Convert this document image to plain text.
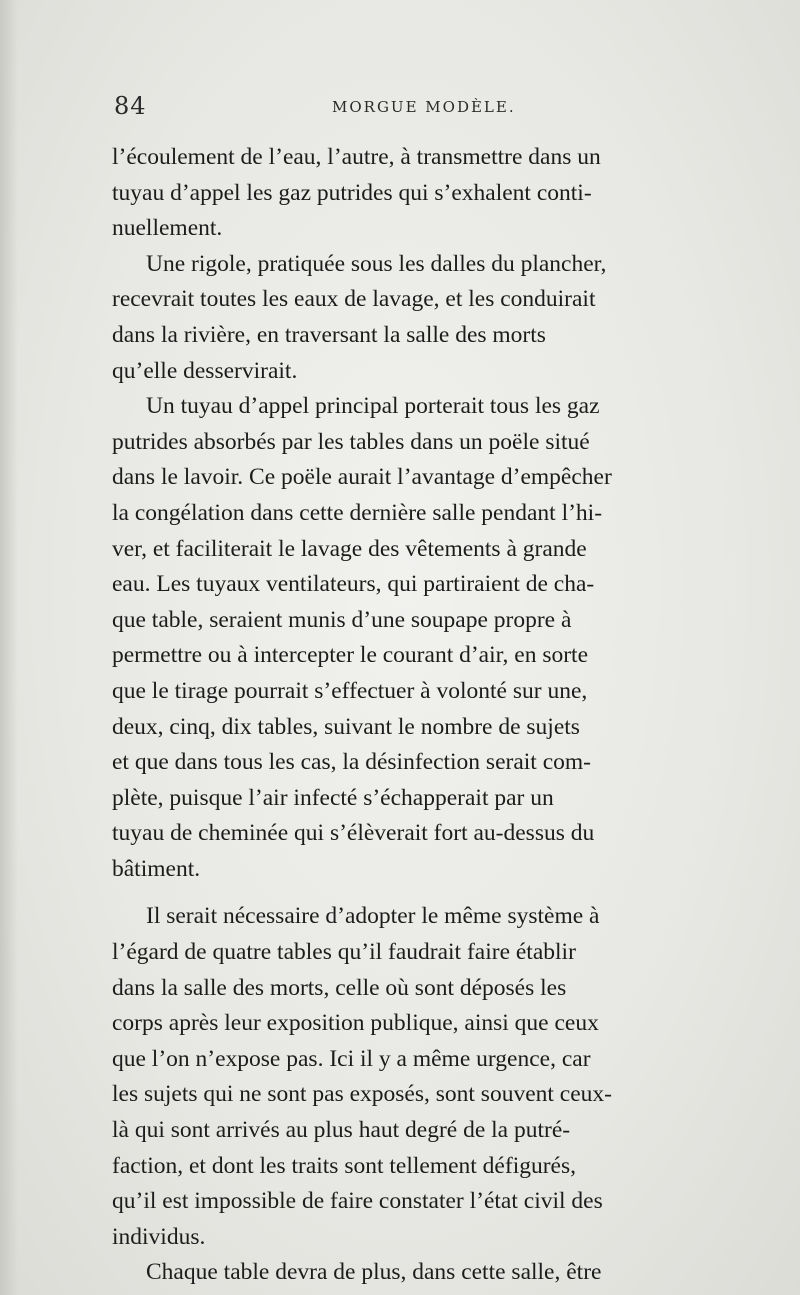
84	MORGUE MODÈLE.

l’écoulement de l’eau, l’autre, à transmettre dans un
tuyau d’appel les gaz putrides qui s’exhalent conti-
nuellement.

Une rigole, pratiquée sous les dalles du plancher,
recevrait toutes les eaux de lavage, et les conduirait
dans la rivière, en traversant la salle des morts
qu’elle desservirait.

Un tuyau d’appel principal porterait tous les gaz
putrides absorbés par les tables dans un poële situé
dans le lavoir. Ce poële aurait l’avantage d’empêcher
la congélation dans cette dernière salle pendant l’hi-
ver, et faciliterait le lavage des vêtements à grande
eau. Les tuyaux ventilateurs, qui partiraient de cha-
que table, seraient munis d’une soupape propre à
permettre ou à intercepter le courant d’air, en sorte
que le tirage pourrait s’effectuer à volonté sur une,
deux, cinq, dix tables, suivant le nombre de sujets
et que dans tous les cas, la désinfection serait com-
plète, puisque l’air infecté s’échapperait par un
tuyau de cheminée qui s’élèverait fort au-dessus du
bâtiment.

Il serait nécessaire d’adopter le même système à
l’égard de quatre tables qu’il faudrait faire établir
dans la salle des morts, celle où sont déposés les
corps après leur exposition publique, ainsi que ceux
que l’on n’expose pas. Ici il y a même urgence, car
les sujets qui ne sont pas exposés, sont souvent ceux-
là qui sont arrivés au plus haut degré de la putré-
faction, et dont les traits sont tellement défigurés,
qu’il est impossible de faire constater l’état civil des
individus.

Chaque table devra de plus, dans cette salle, être
